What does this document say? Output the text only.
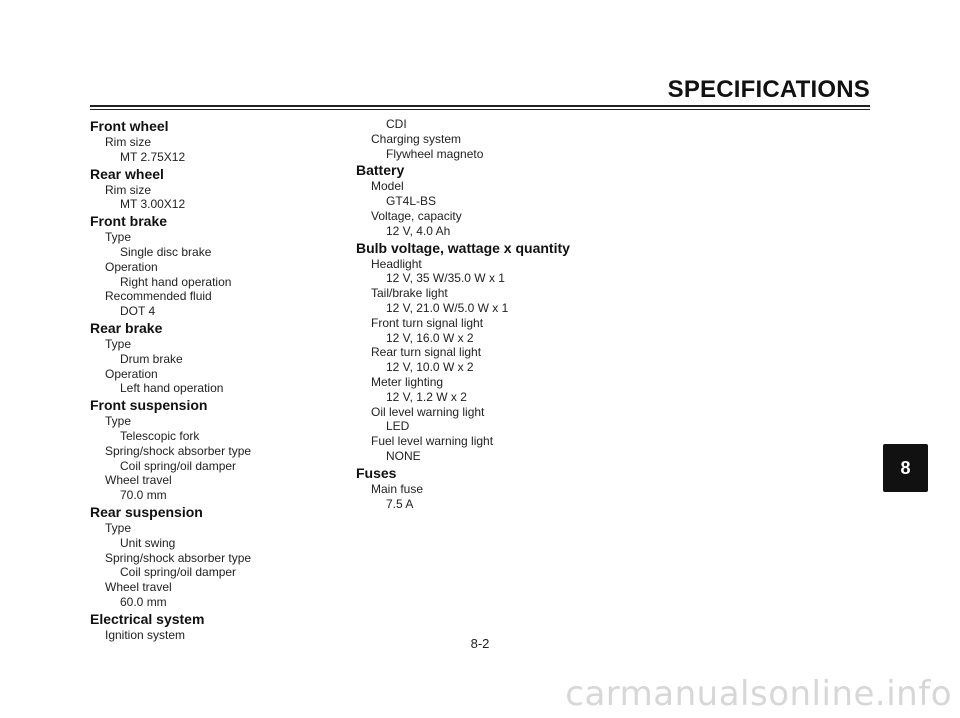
SPECIFICATIONS
Front wheel
Rim size
MT 2.75X12
Rear wheel
Rim size
MT 3.00X12
Front brake
Type
Single disc brake
Operation
Right hand operation
Recommended fluid
DOT 4
Rear brake
Type
Drum brake
Operation
Left hand operation
Front suspension
Type
Telescopic fork
Spring/shock absorber type
Coil spring/oil damper
Wheel travel
70.0 mm
Rear suspension
Type
Unit swing
Spring/shock absorber type
Coil spring/oil damper
Wheel travel
60.0 mm
Electrical system
Ignition system
CDI
Charging system
Flywheel magneto
Battery
Model
GT4L-BS
Voltage, capacity
12 V, 4.0 Ah
Bulb voltage, wattage x quantity
Headlight
12 V, 35 W/35.0 W x 1
Tail/brake light
12 V, 21.0 W/5.0 W x 1
Front turn signal light
12 V, 16.0 W x 2
Rear turn signal light
12 V, 10.0 W x 2
Meter lighting
12 V, 1.2 W x 2
Oil level warning light
LED
Fuel level warning light
NONE
Fuses
Main fuse
7.5 A
8-2
8
carmanualsonline.info
